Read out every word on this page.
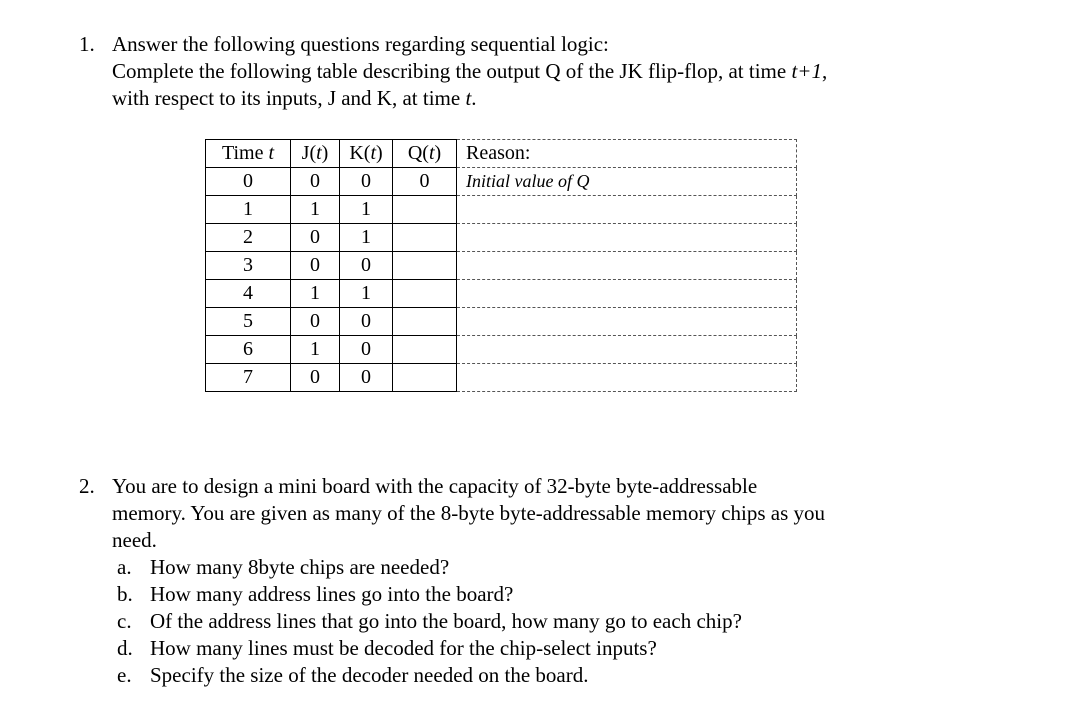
1. Answer the following questions regarding sequential logic:
Complete the following table describing the output Q of the JK flip-flop, at time t+1,
with respect to its inputs, J and K, at time t.
Time t	J(t)	K(t)	Q(t)	Reason:
0	0	0	0	Initial value of Q
1	1	1		
2	0	1		
3	0	0		
4	1	1		
5	0	0		
6	1	0		
7	0	0		
2. You are to design a mini board with the capacity of 32-byte byte-addressable
memory. You are given as many of the 8-byte byte-addressable memory chips as you
need.
a. How many 8byte chips are needed?
b. How many address lines go into the board?
c. Of the address lines that go into the board, how many go to each chip?
d. How many lines must be decoded for the chip-select inputs?
e. Specify the size of the decoder needed on the board.
